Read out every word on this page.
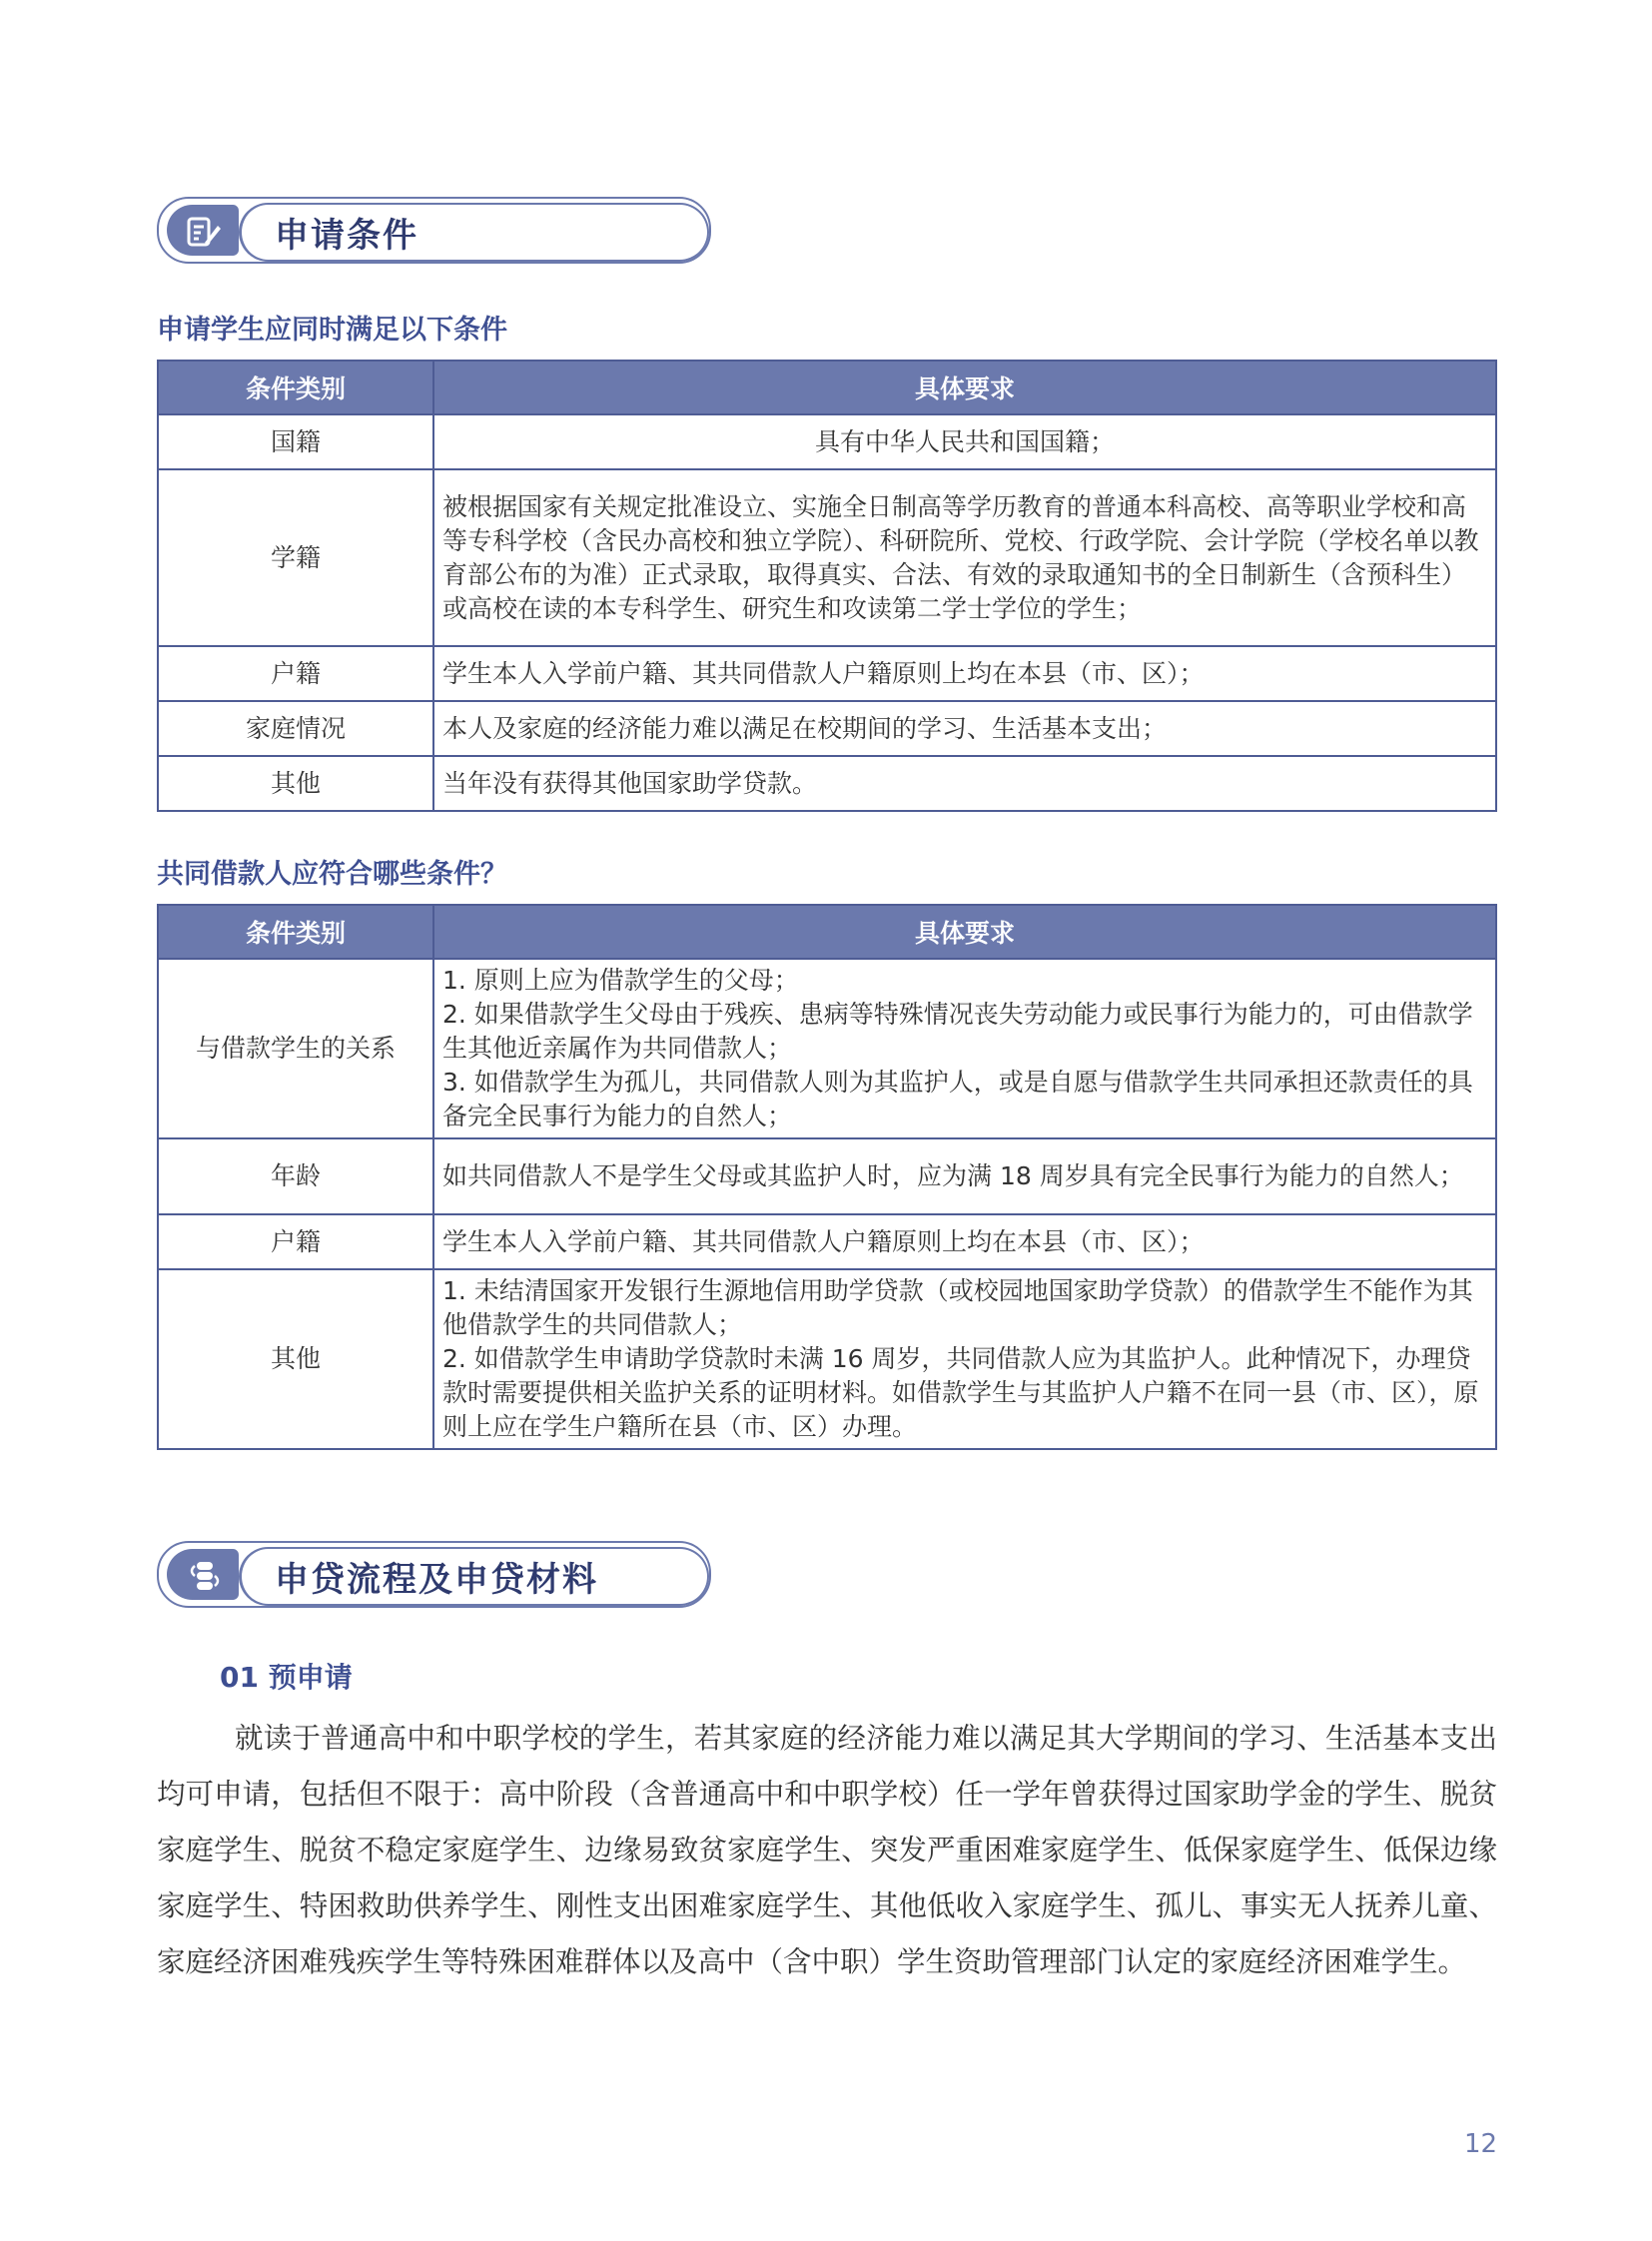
申请条件
申请学生应同时满足以下条件
条件类别	具体要求
国籍	具有中华人民共和国国籍；
学籍	被根据国家有关规定批准设立、实施全日制高等学历教育的普通本科高校、高等职业学校和高等专科学校（含民办高校和独立学院）、科研院所、党校、行政学院、会计学院（学校名单以教育部公布的为准）正式录取，取得真实、合法、有效的录取通知书的全日制新生（含预科生）或高校在读的本专科学生、研究生和攻读第二学士学位的学生；
户籍	学生本人入学前户籍、其共同借款人户籍原则上均在本县（市、区）；
家庭情况	本人及家庭的经济能力难以满足在校期间的学习、生活基本支出；
其他	当年没有获得其他国家助学贷款。
共同借款人应符合哪些条件？
条件类别	具体要求
与借款学生的关系	1. 原则上应为借款学生的父母；
2. 如果借款学生父母由于残疾、患病等特殊情况丧失劳动能力或民事行为能力的，可由借款学生其他近亲属作为共同借款人；
3. 如借款学生为孤儿，共同借款人则为其监护人，或是自愿与借款学生共同承担还款责任的具备完全民事行为能力的自然人；
年龄	如共同借款人不是学生父母或其监护人时，应为满 18 周岁具有完全民事行为能力的自然人；
户籍	学生本人入学前户籍、其共同借款人户籍原则上均在本县（市、区）；
其他	1. 未结清国家开发银行生源地信用助学贷款（或校园地国家助学贷款）的借款学生不能作为其他借款学生的共同借款人；
2. 如借款学生申请助学贷款时未满 16 周岁，共同借款人应为其监护人。此种情况下，办理贷款时需要提供相关监护关系的证明材料。如借款学生与其监护人户籍不在同一县（市、区），原则上应在学生户籍所在县（市、区）办理。
申贷流程及申贷材料
01 预申请

就读于普通高中和中职学校的学生，若其家庭的经济能力难以满足其大学期间的学习、生活基本支出均可申请，包括但不限于：高中阶段（含普通高中和中职学校）任一学年曾获得过国家助学金的学生、脱贫家庭学生、脱贫不稳定家庭学生、边缘易致贫家庭学生、突发严重困难家庭学生、低保家庭学生、低保边缘家庭学生、特困救助供养学生、刚性支出困难家庭学生、其他低收入家庭学生、孤儿、事实无人抚养儿童、家庭经济困难残疾学生等特殊困难群体以及高中（含中职）学生资助管理部门认定的家庭经济困难学生。

12
